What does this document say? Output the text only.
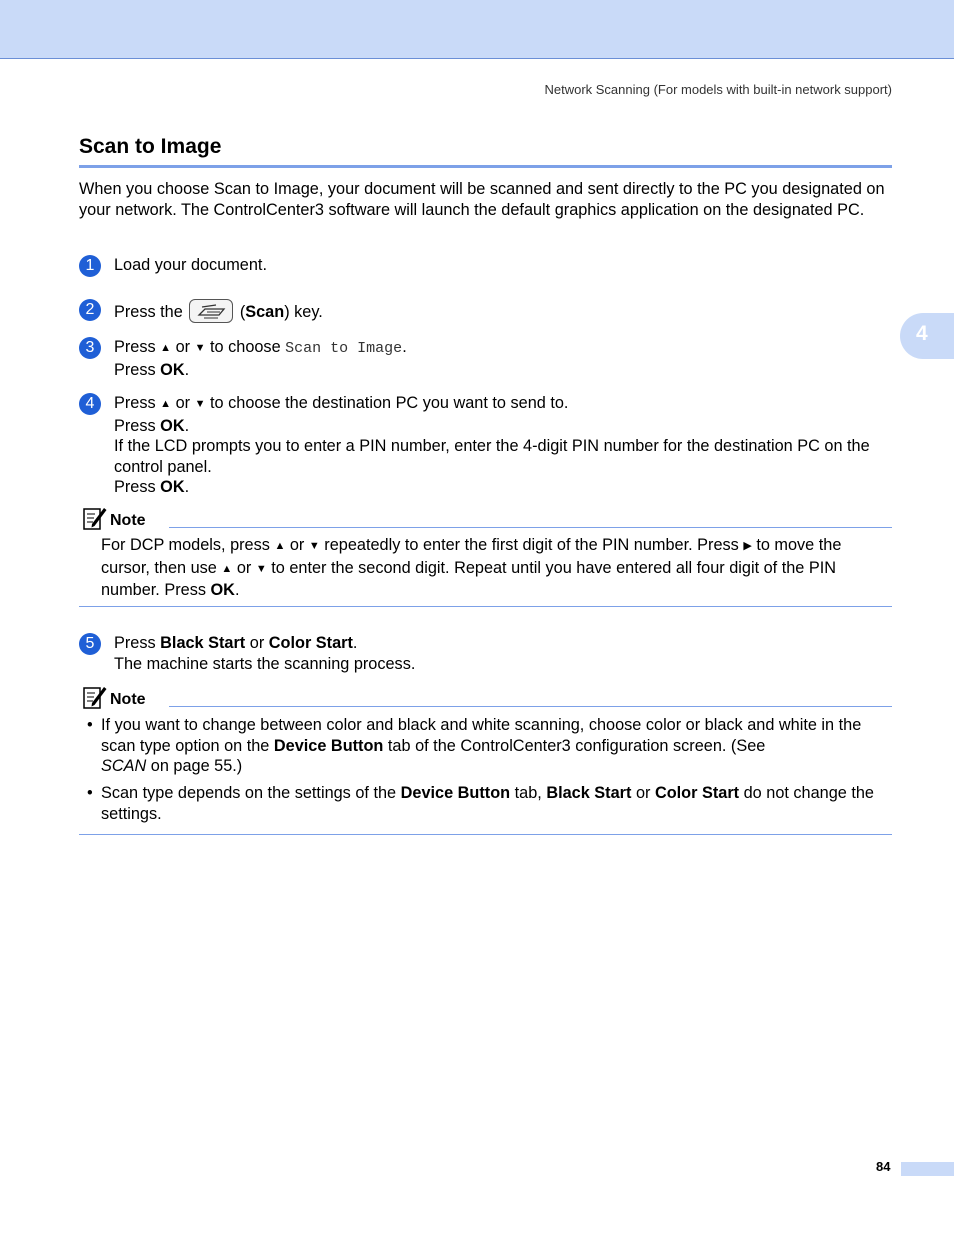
Network Scanning (For models with built-in network support)
4
Scan to Image

When you choose Scan to Image, your document will be scanned and sent directly to the PC you designated on your network. The ControlCenter3 software will launch the default graphics application on the designated PC.

1	Load your document.
2	Press the	(Scan) key.
3	Press ▲ or ▼ to choose Scan to Image.
Press OK.
4	Press ▲ or ▼ to choose the destination PC you want to send to.
Press OK.
If the LCD prompts you to enter a PIN number, enter the 4-digit PIN number for the destination PC on the control panel.
Press OK.
Note
For DCP models, press ▲ or ▼ repeatedly to enter the first digit of the PIN number. Press ▶ to move the cursor, then use ▲ or ▼ to enter the second digit. Repeat until you have entered all four digit of the PIN number. Press OK.
5	Press Black Start or Color Start.
The machine starts the scanning process.
Note
• If you want to change between color and black and white scanning, choose color or black and white in the scan type option on the Device Button tab of the ControlCenter3 configuration screen. (See
SCAN on page 55.)
• Scan type depends on the settings of the Device Button tab, Black Start or Color Start do not change the settings.
84
